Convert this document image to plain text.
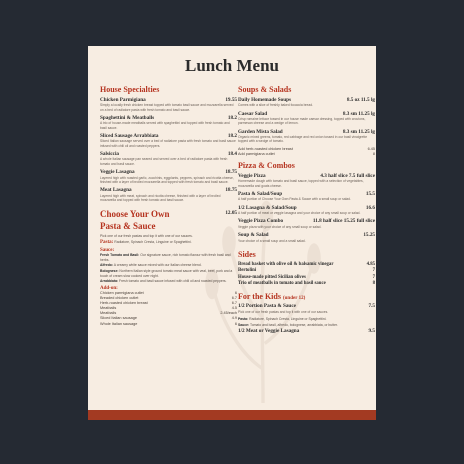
Lunch Menu
House Specialties
Chicken Parmigiana	19.55
Simply a locally fresh chicken breast topped with tomato basil sauce and mozzarella served on a bed of radiatore pasta with fresh tomato and basil sauce.
Spaghettini & Meatballs	18.2
A trio of house-made meatballs served with spaghettini and topped with fresh tomato and basil sauce.
Sliced Sausage Arrabbiata	18.2
Sliced Italian sausage served over a bed of radiatore pasta with fresh tomato and basil sauce infused with chili oil and roasted peppers.
Salsiccia	18.4
A whole Italian sausage pan seared and served over a bed of radiatore pasta with fresh tomato and basil sauce.
Veggie Lasagna	18.75
Layered high with roasted garlic, zucchinis, eggplants, peppers, spinach and ricotta cheese, finished with a layer of broiled mozzarella and topped with fresh tomato and basil sauce.
Meat Lasagna	18.75
Layered high with meat, spinach and ricotta cheese, finished with a layer of broiled mozzarella and topped with fresh tomato and basil sauce.
Choose Your Own
Pasta & Sauce
12.05
Pick one of our fresh pastas and top it with one of our sauces.
Pasta: Radiatore, Spinach Cresta, Linguine or Spaghettini.
Sauce:
Fresh Tomato and Basil: Our signature sauce, rich tomato flavour with fresh basil and herbs.
Alfredo: A creamy white sauce mixed with our Italian cheese blend.
Bolognese: Northern Italian style ground tomato meat sauce with veal, beef, pork and a touch of cream slow cooked over night.
Arrabbiata: Fresh tomato and basil sauce infused with chili oil and roasted peppers.
Add-on:
Chicken parmigiana cutlet	6
Breaded chicken cutlet	6.7
Herb-roasted chicken breast	6.7
Meatballs	4.5
Meatballs	2.45/each
Sliced Italian sausage	4.9
Whole Italian sausage	6
Soups & Salads
Daily Homemade Soups	8.5 oz 11.5 lg
Comes with a slice of freshly baked focaccia bread.
Caesar Salad	8.3 sm 11.25 lg
Crisp romaine lettuce tossed in our house made caesar dressing, topped with croutons, parmesan cheese and a wedge of lemon.
Garden Mista Salad	8.3 sm 11.25 lg
Organic mixed greens, tomato, red cabbage and red onion tossed in our basil vinaigrette topped with a wedge of tomato.
Add herb-roasted chicken breast	6.45
Add parmigiana cutlet	8
Pizza & Combos
Veggie Pizza	4.3 half slice 7.5 full slice
Homemade dough with tomato and basil sauce, topped with a selection of vegetables, mozzarella and goats cheese.
Pasta & Salad/Soup	15.5
A half portion of Choose Your Own Pasta & Sauce with a small soup or salad.
1/2 Lasagna & Salad/Soup	16.6
A half portion of meat or veggie lasagna and your choice of any small soup or salad.
Veggie Pizza Combo	11.8 half slice 15.25 full slice
Veggie pizza with your choice of any small soup or salad.
Soup & Salad	15.25
Your choice of a small soup and a small salad.
Sides
Bread basket with olive oil & balsamic vinegar	4.85
Bertolini	7
House-made pitted Sicilian olives	7
Trio of meatballs in tomato and basil sauce	8
For the Kids (under 12)
1/2 Portion Pasta & Sauce	7.5
Pick one of our fresh pastas and top it with one of our sauces.
Pasta: Radiatore, Spinach Cresta, Linguine or Spaghettini.
Sauce: Tomato and basil, alfredo, bolognese, arrabbiata, or butter.
1/2 Meat or Veggie Lasagna	9.5
